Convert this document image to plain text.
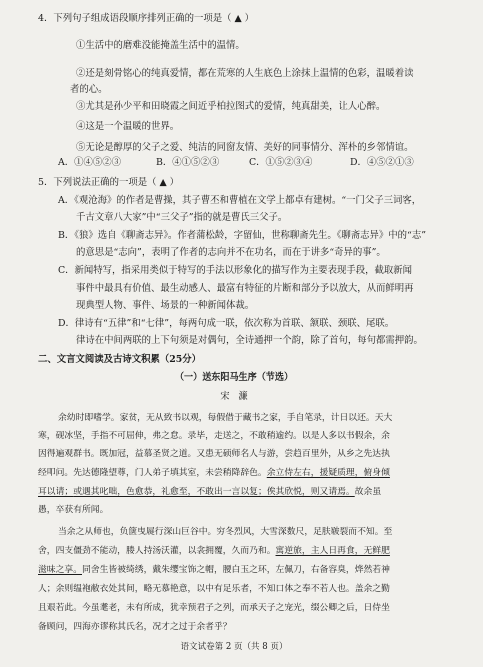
4．下列句子组成语段顺序排列正确的一项是（ ▲ ）
①生活中的磨难没能掩盖生活中的温情。
②还是刻骨铭心的纯真爱情，都在荒寒的人生底色上涂抹上温情的色彩，温暖着读
者的心。
③尤其是孙少平和田晓霞之间近乎柏拉图式的爱情，纯真甜美，让人心醉。
④这是一个温暖的世界。
⑤无论是醇厚的父子之爱、纯洁的同窗友情、美好的同事情分、浑朴的乡邻情谊。
A．①④⑤②③	B．④①⑤②③	C．①⑤②③④	D．④⑤②①③
5．下列说法正确的一项是（ ▲ ）
A．《观沧海》的作者是曹操，其子曹丕和曹植在文学上都卓有建树。“一门父子三词客，
千古文章八大家”中“三父子”指的就是曹氏三父子。
B．《狼》选自《聊斋志异》。作者蒲松龄，字留仙，世称聊斋先生。《聊斋志异》中的“志”
的意思是“志向”，表明了作者的志向并不在功名，而在于讲多“奇异的事”。
C．新闻特写，指采用类似于特写的手法以形象化的描写作为主要表现手段，截取新闻
事件中最具有价值、最生动感人、最富有特征的片断和部分予以放大，从而鲜明再
现典型人物、事件、场景的一种新闻体裁。
D．律诗有“五律”和“七律”，每两句成一联，依次称为首联、颔联、颈联、尾联。
律诗在中间两联的上下句须是对偶句，全诗通押一个韵，除了首句，每句都需押韵。
二、文言文阅读及古诗文积累（25分）
（一）送东阳马生序（节选）
宋　濂
余幼时即嗜学。家贫，无从致书以观，每假借于藏书之家，手自笔录，计日以还。天大
寒，砚冰坚，手指不可屈伸，弗之怠。录毕，走送之，不敢稍逾约。以是人多以书假余，余
因得遍观群书。既加冠，益慕圣贤之道。又患无硕师名人与游，尝趋百里外，从乡之先达执
经叩问。先达德隆望尊，门人弟子填其室，未尝稍降辞色。余立侍左右，援疑质理，俯身倾
耳以请；或遇其叱咄，色愈恭，礼愈至，不敢出一言以复；俟其欣悦，则又请焉。故余虽
愚，卒获有所闻。
当余之从师也，负箧曳屣行深山巨谷中。穷冬烈风，大雪深数尺，足肤皲裂而不知。至
舍，四支僵劲不能动，媵人持汤沃灌，以衾拥覆，久而乃和。寓逆旅，主人日再食，无鲜肥
滋味之享。同舍生皆被绮绣，戴朱缨宝饰之帽，腰白玉之环，左佩刀，右备容臭，烨然若神
人；余则缊袍敝衣处其间，略无慕艳意，以中有足乐者，不知口体之奉不若人也。盖余之勤
且艰若此。今虽耄老，未有所成，犹幸预君子之列，而承天子之宠光，缀公卿之后，日侍坐
备顾问，四海亦谬称其氏名，况才之过于余者乎？
语文试卷第 2 页（共 8 页）
